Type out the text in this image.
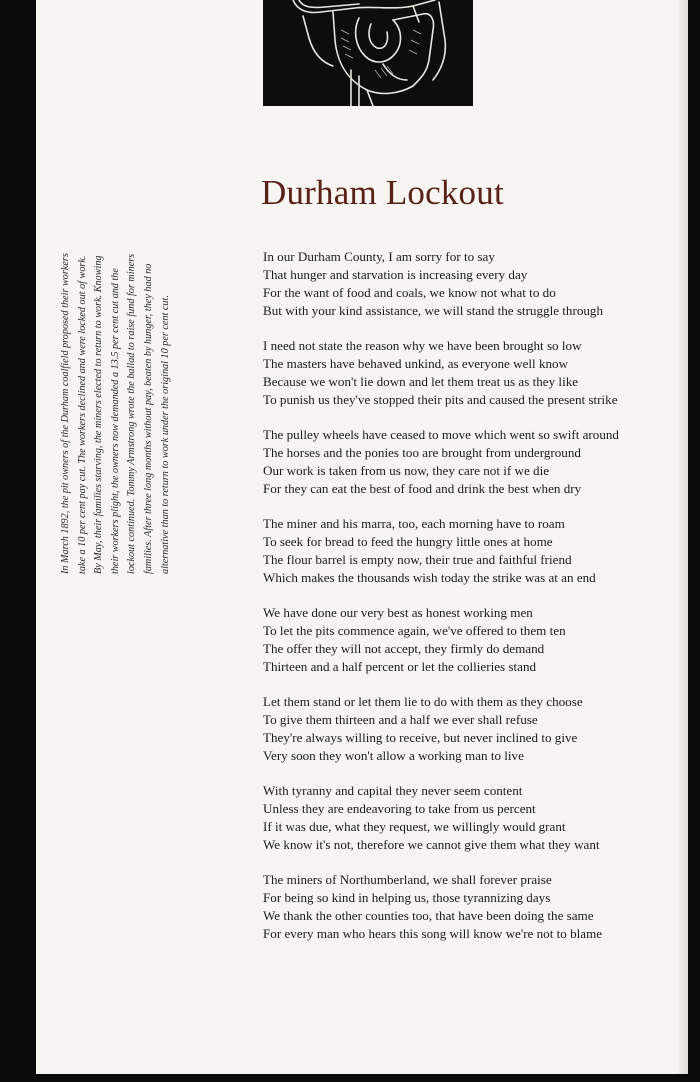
Durham Lockout

In March 1892, the pit owners of the Durham coalfield proposed their workers take a 10 per cent pay cut. The workers declined and were locked out of work. By May, their families starving, the miners elected to return to work. Knowing their workers plight, the owners now demanded a 13.5 per cent cut and the lockout continued. Tommy Armstrong wrote the ballad to raise fund for miners families. After three long months without pay, beaten by hunger, they had no alternative than to return to work under the original 10 per cent cut.

In our Durham County, I am sorry for to say
That hunger and starvation is increasing every day
For the want of food and coals, we know not what to do
But with your kind assistance, we will stand the struggle through
I need not state the reason why we have been brought so low
The masters have behaved unkind, as everyone well know
Because we won't lie down and let them treat us as they like
To punish us they've stopped their pits and caused the present strike
The pulley wheels have ceased to move which went so swift around
The horses and the ponies too are brought from underground
Our work is taken from us now, they care not if we die
For they can eat the best of food and drink the best when dry
The miner and his marra, too, each morning have to roam
To seek for bread to feed the hungry little ones at home
The flour barrel is empty now, their true and faithful friend
Which makes the thousands wish today the strike was at an end
We have done our very best as honest working men
To let the pits commence again, we've offered to them ten
The offer they will not accept, they firmly do demand
Thirteen and a half percent or let the collieries stand
Let them stand or let them lie to do with them as they choose
To give them thirteen and a half we ever shall refuse
They're always willing to receive, but never inclined to give
Very soon they won't allow a working man to live
With tyranny and capital they never seem content
Unless they are endeavoring to take from us percent
If it was due, what they request, we willingly would grant
We know it's not, therefore we cannot give them what they want
The miners of Northumberland, we shall forever praise
For being so kind in helping us, those tyrannizing days
We thank the other counties too, that have been doing the same
For every man who hears this song will know we're not to blame
